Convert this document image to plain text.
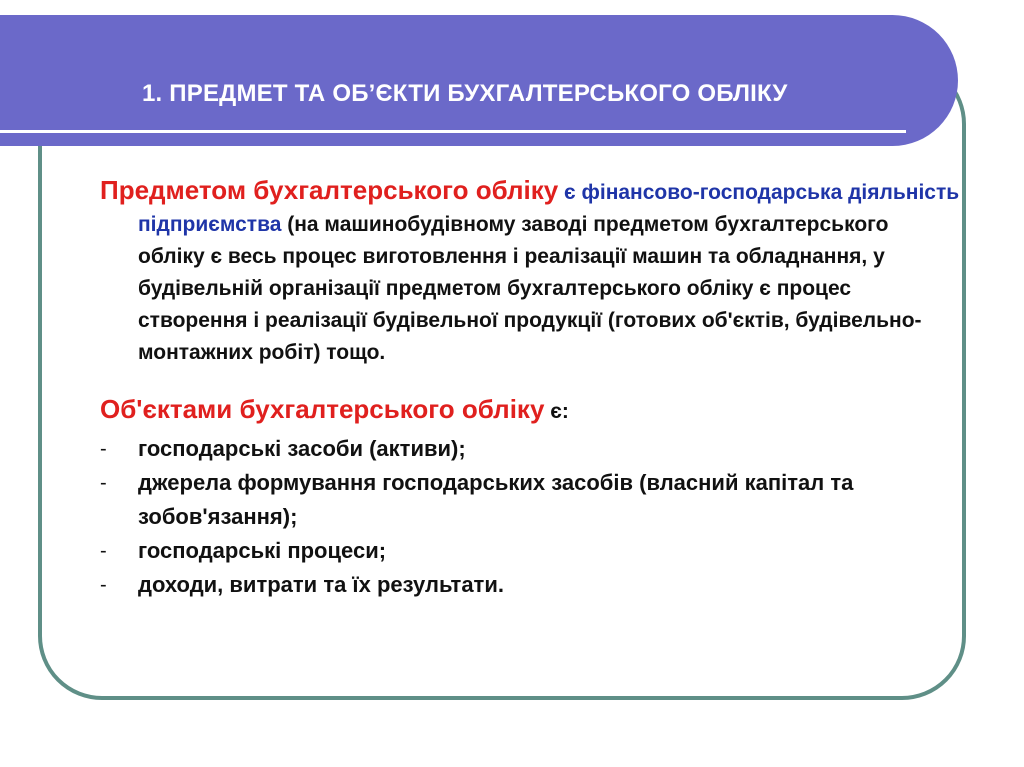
1. ПРЕДМЕТ ТА ОБ’ЄКТИ БУХГАЛТЕРСЬКОГО ОБЛІКУ

Предметом бухгалтерського обліку є фінансово-господарська діяльність підприємства (на машинобудівному заводі предметом бухгалтерського обліку є весь процес виготовлення і реалізації машин та обладнання, у будівельній організації предметом бухгалтерського обліку є процес створення і реалізації будівельної продукції (готових об'єктів, будівельно-монтажних робіт) тощо.

Об'єктами бухгалтерського обліку є:

- господарські засоби (активи);
- джерела формування господарських засобів (власний капітал та зобов'язання);
- господарські процеси;
- доходи, витрати та їх результати.
